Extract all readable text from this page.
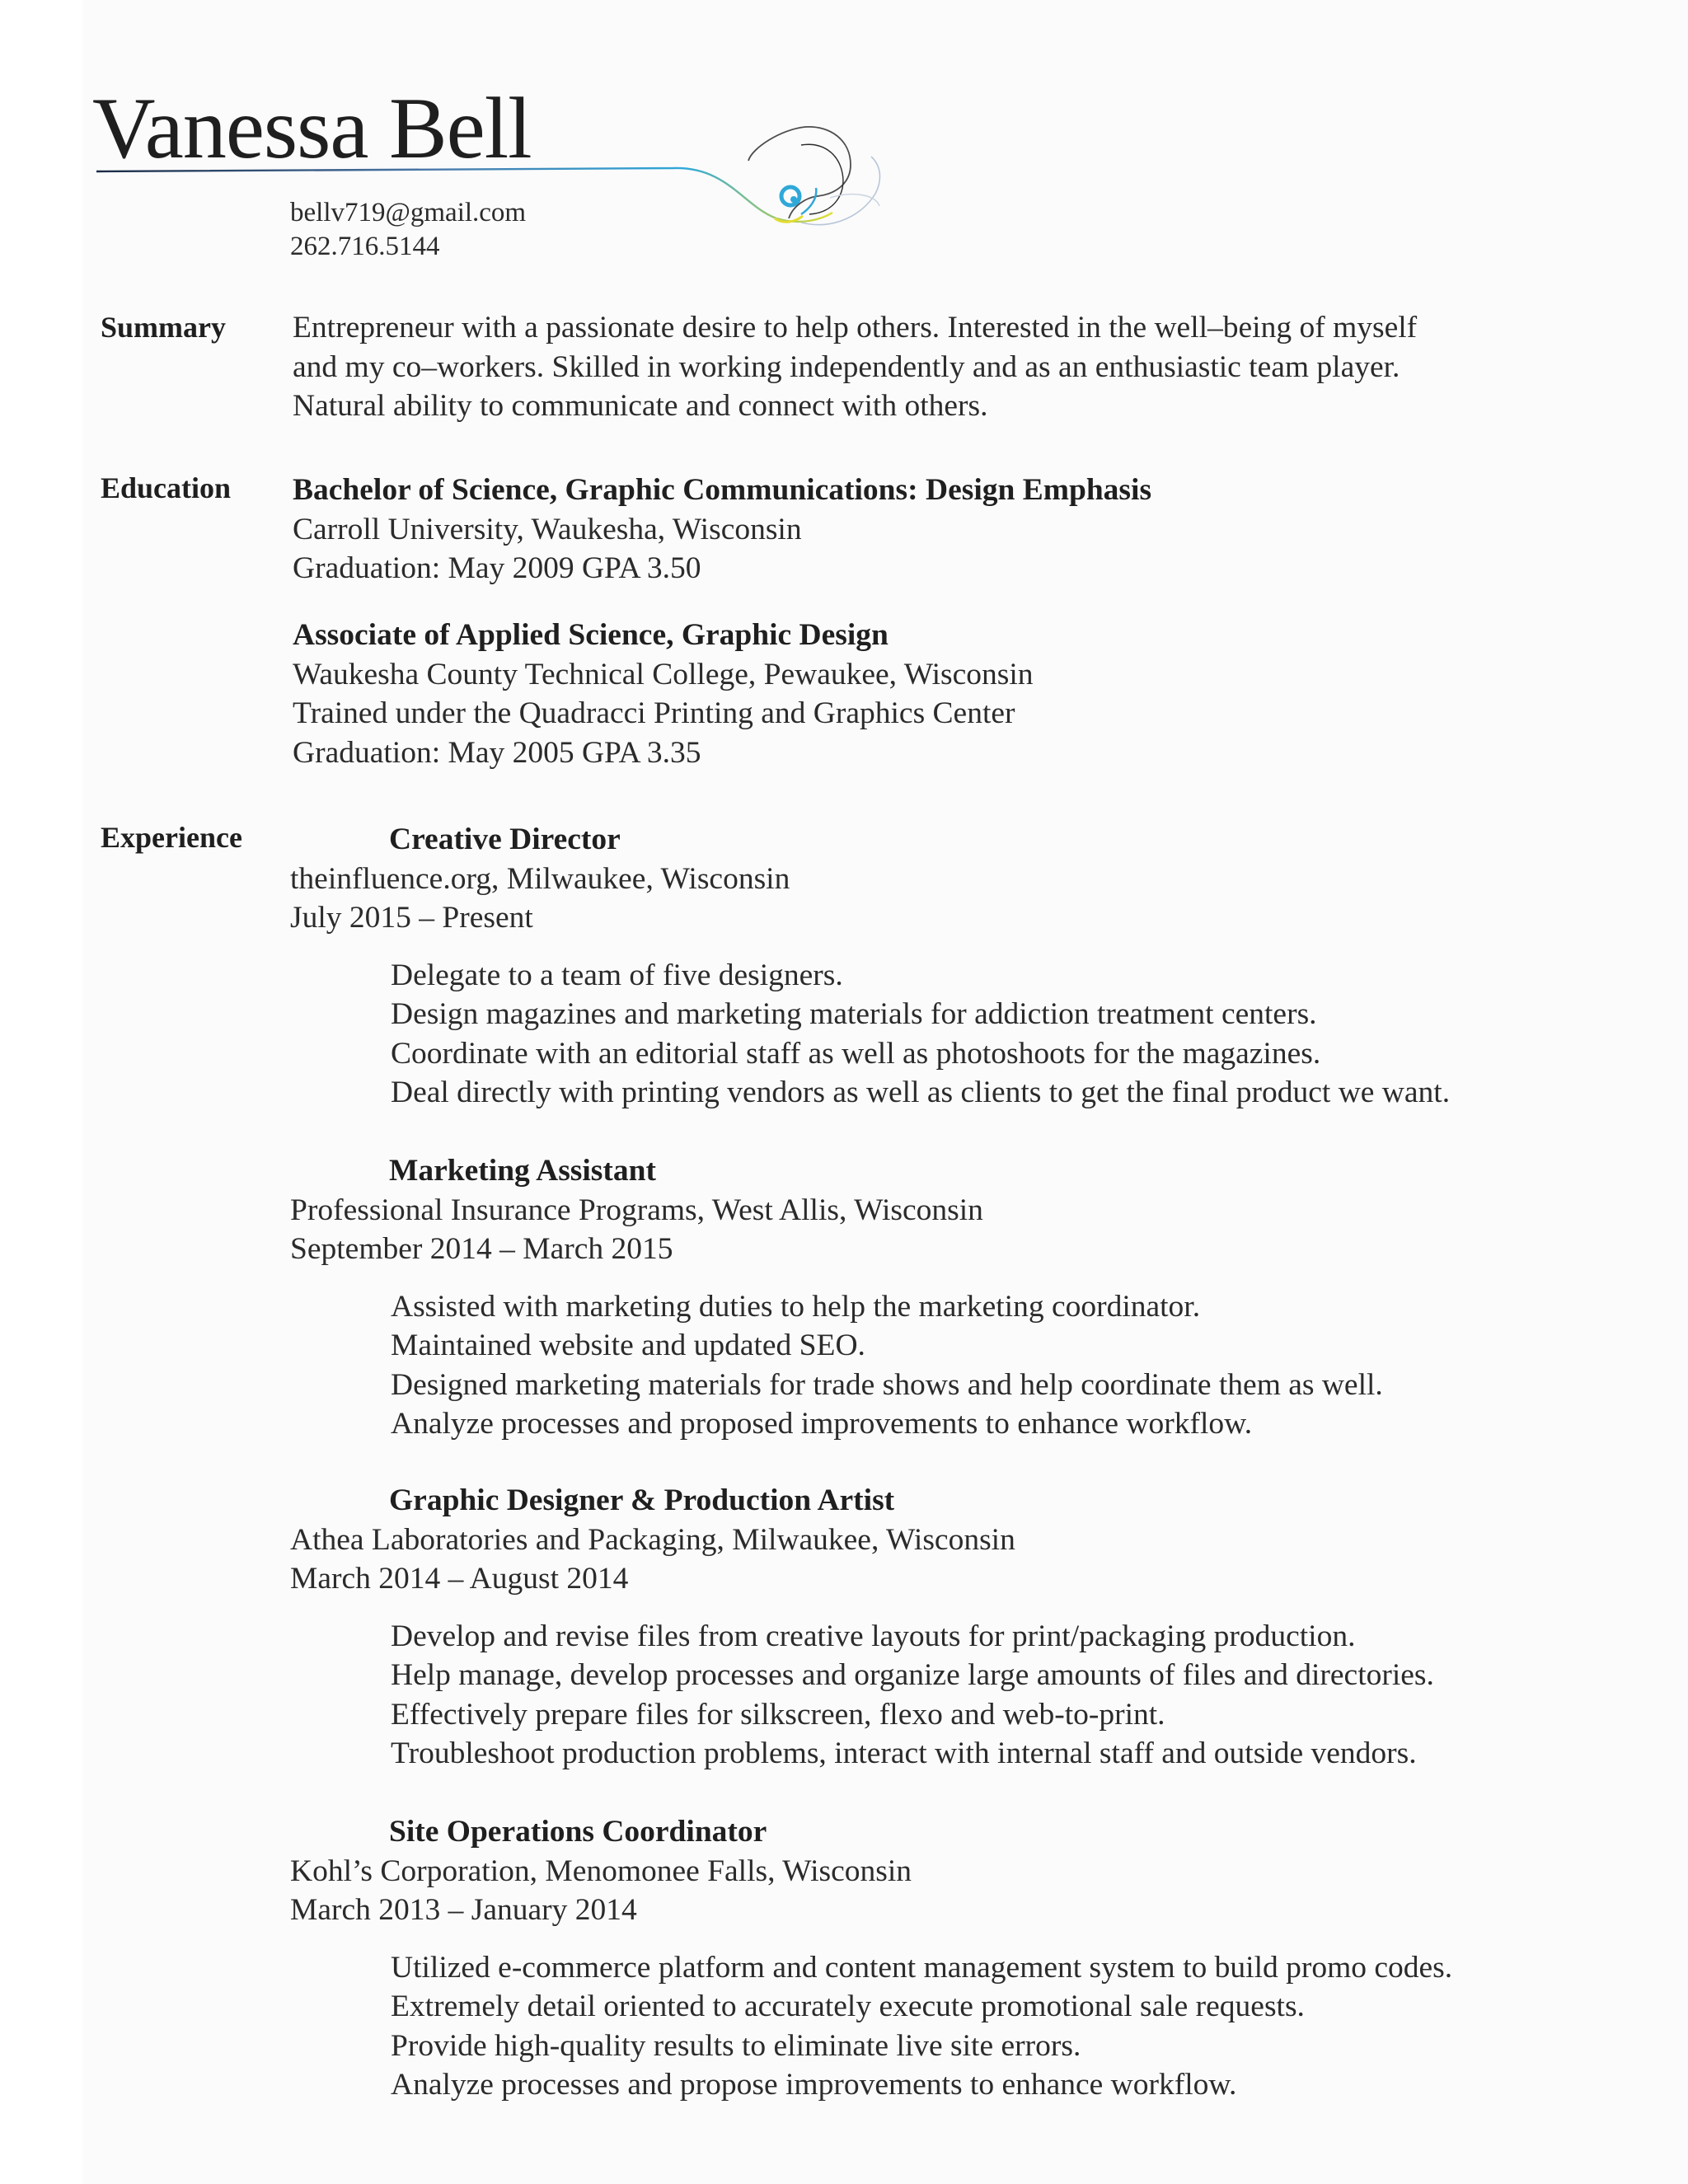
Vanessa Bell
bellv719@gmail.com
262.716.5144
Summary Entrepreneur with a passionate desire to help others. Interested in the well–being of myself
and my co–workers. Skilled in working independently and as an enthusiastic team player.
Natural ability to communicate and connect with others.
Education Bachelor of Science, Graphic Communications: Design Emphasis
Carroll University, Waukesha, Wisconsin
Graduation: May 2009 GPA 3.50
Associate of Applied Science, Graphic Design
Waukesha County Technical College, Pewaukee, Wisconsin
Trained under the Quadracci Printing and Graphics Center
Graduation: May 2005 GPA 3.35
Experience	Creative Director
theinfluence.org, Milwaukee, Wisconsin
July 2015 – Present
Delegate to a team of five designers.
Design magazines and marketing materials for addiction treatment centers.
Coordinate with an editorial staff as well as photoshoots for the magazines.
Deal directly with printing vendors as well as clients to get the final product we want.
Marketing Assistant
Professional Insurance Programs, West Allis, Wisconsin
September 2014 – March 2015
Assisted with marketing duties to help the marketing coordinator.
Maintained website and updated SEO.
Designed marketing materials for trade shows and help coordinate them as well.
Analyze processes and proposed improvements to enhance workflow.
Graphic Designer & Production Artist
Athea Laboratories and Packaging, Milwaukee, Wisconsin
March 2014 – August 2014
Develop and revise files from creative layouts for print/packaging production.
Help manage, develop processes and organize large amounts of files and directories.
Effectively prepare files for silkscreen, flexo and web-to-print.
Troubleshoot production problems, interact with internal staff and outside vendors.
Site Operations Coordinator
Kohl’s Corporation, Menomonee Falls, Wisconsin
March 2013 – January 2014
Utilized e-commerce platform and content management system to build promo codes.
Extremely detail oriented to accurately execute promotional sale requests.
Provide high-quality results to eliminate live site errors.
Analyze processes and propose improvements to enhance workflow.
